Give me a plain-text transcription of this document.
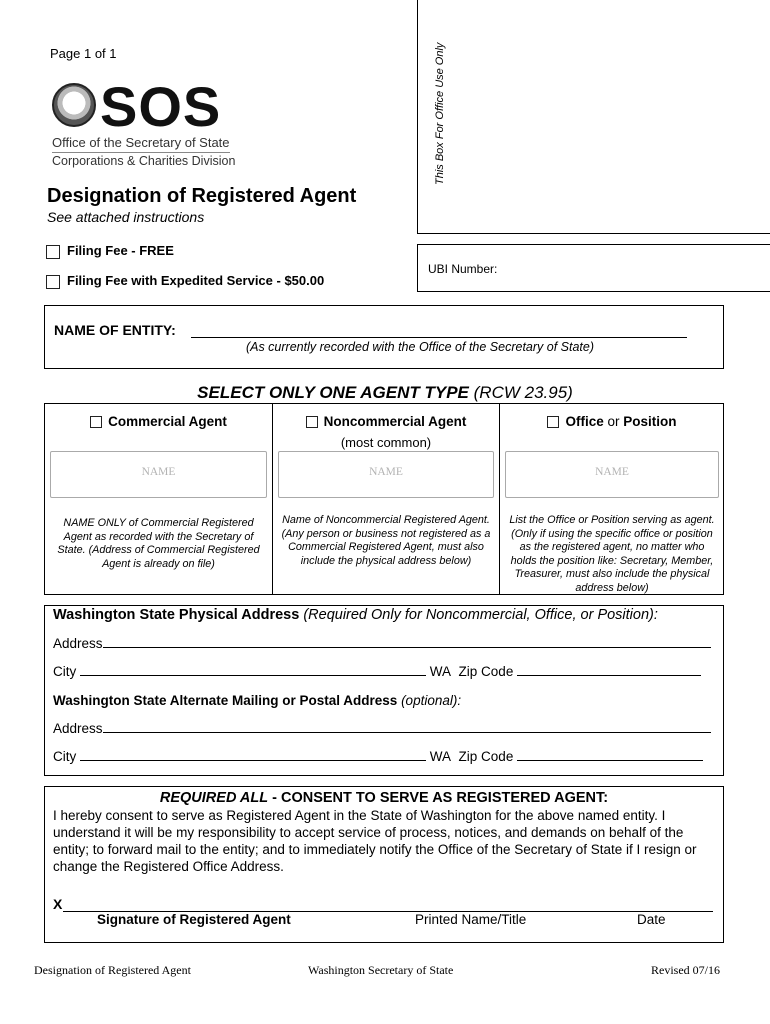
Page 1 of 1
SOS
Office of the Secretary of State
Corporations & Charities Division	This Box For Office Use Only
Designation of Registered Agent
See attached instructions
Filing Fee - FREE
Filing Fee with Expedited Service - $50.00
UBI Number:
NAME OF ENTITY:
(As currently recorded with the Office of the Secretary of State)
SELECT ONLY ONE AGENT TYPE (RCW 23.95)
Commercial Agent
NAME
NAME ONLY of Commercial Registered Agent as recorded with the Secretary of State. (Address of Commercial Registered Agent is already on file)
Noncommercial Agent
(most common)
NAME
Name of Noncommercial Registered Agent. (Any person or business not registered as a Commercial Registered Agent, must also include the physical address below)
Office or Position
NAME
List the Office or Position serving as agent. (Only if using the specific office or position as the registered agent, no matter who holds the position like: Secretary, Member, Treasurer, must also include the physical address below)
Washington State Physical Address (Required Only for Noncommercial, Office, or Position):
Address
City	WA Zip Code
Washington State Alternate Mailing or Postal Address (optional):
Address
City	WA Zip Code
REQUIRED ALL - CONSENT TO SERVE AS REGISTERED AGENT:
I hereby consent to serve as Registered Agent in the State of Washington for the above named entity. I understand it will be my responsibility to accept service of process, notices, and demands on behalf of the entity; to forward mail to the entity; and to immediately notify the Office of the Secretary of State if I resign or change the Registered Office Address.
X
Signature of Registered Agent	Printed Name/Title	Date
Designation of Registered Agent	Washington Secretary of State	Revised 07/16
